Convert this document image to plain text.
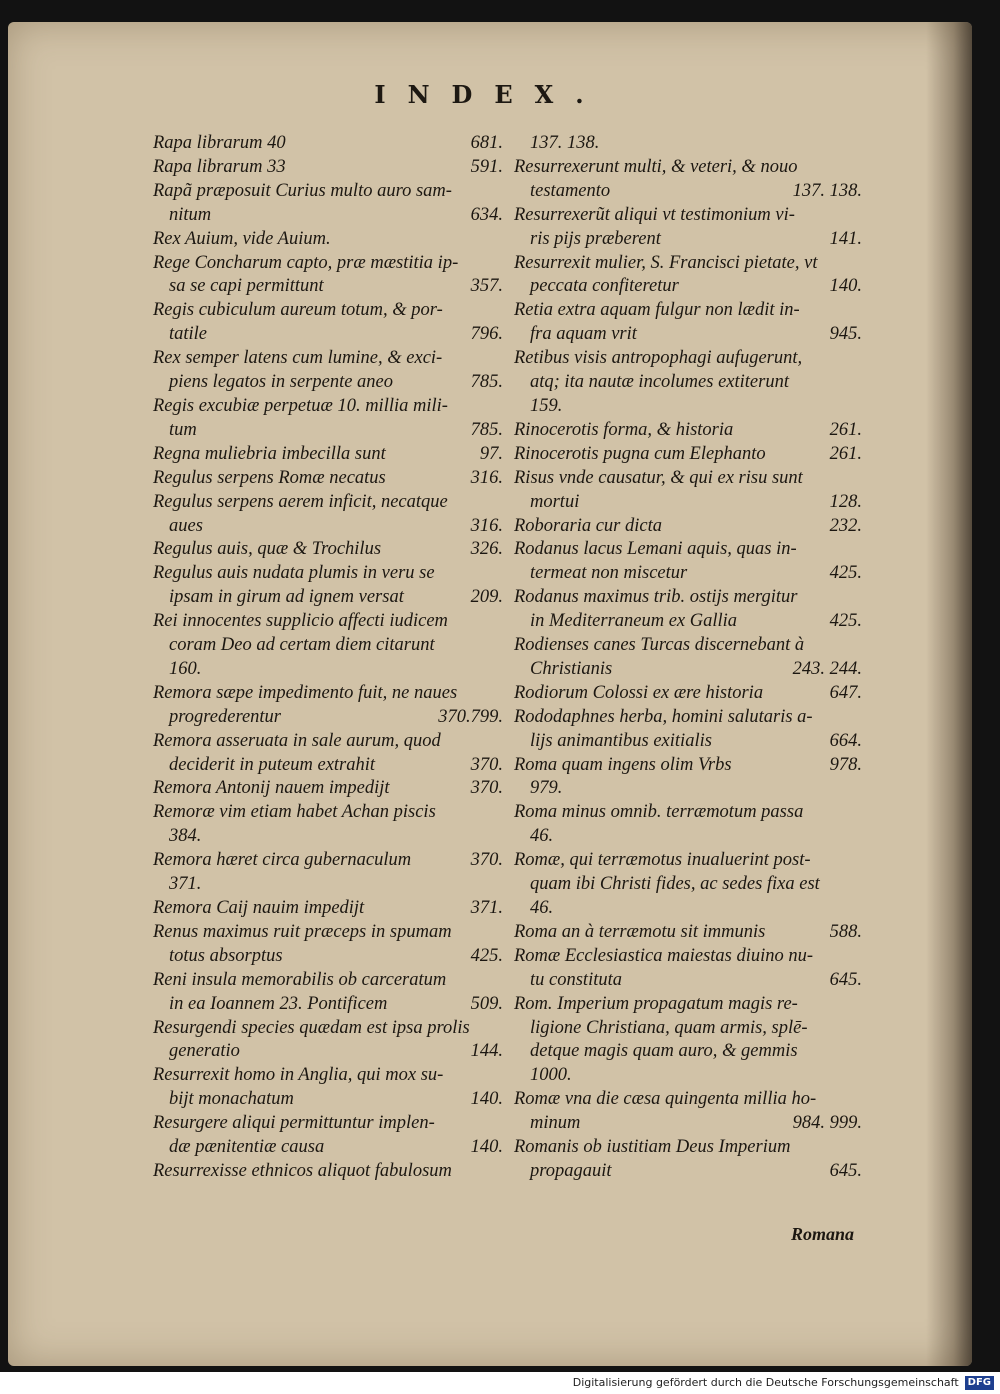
INDEX.
681.
Rapa librarum 40
591.
Rapa librarum 33
Rapã præposuit Curius multo auro sam-
634.
nitum
Rex Auium, vide Auium.
Rege Concharum capto, præ mæstitia ip-
357.
sa se capi permittunt
Regis cubiculum aureum totum, & por-
796.
tatile
Rex semper latens cum lumine, & exci-
785.
piens legatos in serpente aneo
Regis excubiæ perpetuæ 10. millia mili-
785.
tum
97.
Regna muliebria imbecilla sunt
316.
Regulus serpens Romæ necatus
Regulus serpens aerem inficit, necatque
316.
aues
326.
Regulus auis, quæ & Trochilus
Regulus auis nudata plumis in veru se
209.
ipsam in girum ad ignem versat
Rei innocentes supplicio affecti iudicem
coram Deo ad certam diem citarunt
160.
Remora sæpe impedimento fuit, ne naues
370.799.
progrederentur
Remora asseruata in sale aurum, quod
370.
deciderit in puteum extrahit
370.
Remora Antonij nauem impedijt
Remoræ vim etiam habet Achan piscis
384.
370.
Remora hæret circa gubernaculum
371.
371.
Remora Caij nauim impedijt
Renus maximus ruit præceps in spumam
425.
totus absorptus
Reni insula memorabilis ob carceratum
509.
in ea Ioannem 23. Pontificem
Resurgendi species quædam est ipsa prolis
144.
generatio
Resurrexit homo in Anglia, qui mox su-
140.
bijt monachatum
Resurgere aliqui permittuntur implen-
140.
dæ pænitentiæ causa
Resurrexisse ethnicos aliquot fabulosum
137. 138.
Resurrexerunt multi, & veteri, & nouo
137. 138.
testamento
Resurrexerũt aliqui vt testimonium vi-
141.
ris pijs præberent
Resurrexit mulier, S. Francisci pietate, vt
140.
peccata confiteretur
Retia extra aquam fulgur non lædit in-
945.
fra aquam vrit
Retibus visis antropophagi aufugerunt,
atq; ita nautæ incolumes extiterunt
159.
261.
Rinocerotis forma, & historia
261.
Rinocerotis pugna cum Elephanto
Risus vnde causatur, & qui ex risu sunt
128.
mortui
232.
Roboraria cur dicta
Rodanus lacus Lemani aquis, quas in-
425.
termeat non miscetur
Rodanus maximus trib. ostijs mergitur
425.
in Mediterraneum ex Gallia
Rodienses canes Turcas discernebant à
243. 244.
Christianis
647.
Rodiorum Colossi ex ære historia
Rododaphnes herba, homini salutaris a-
664.
lijs animantibus exitialis
978.
Roma quam ingens olim Vrbs
979.
Roma minus omnib. terræmotum passa
46.
Romæ, qui terræmotus inualuerint post-
quam ibi Christi fides, ac sedes fixa est
46.
588.
Roma an à terræmotu sit immunis
Romæ Ecclesiastica maiestas diuino nu-
645.
tu constituta
Rom. Imperium propagatum magis re-
ligione Christiana, quam armis, splē-
detque magis quam auro, & gemmis
1000.
Romæ vna die cæsa quingenta millia ho-
984. 999.
minum
Romanis ob iustitiam Deus Imperium
645.
propagauit
Romana
Digitalisierung gefördert durch die Deutsche Forschungsgemeinschaft DFG
